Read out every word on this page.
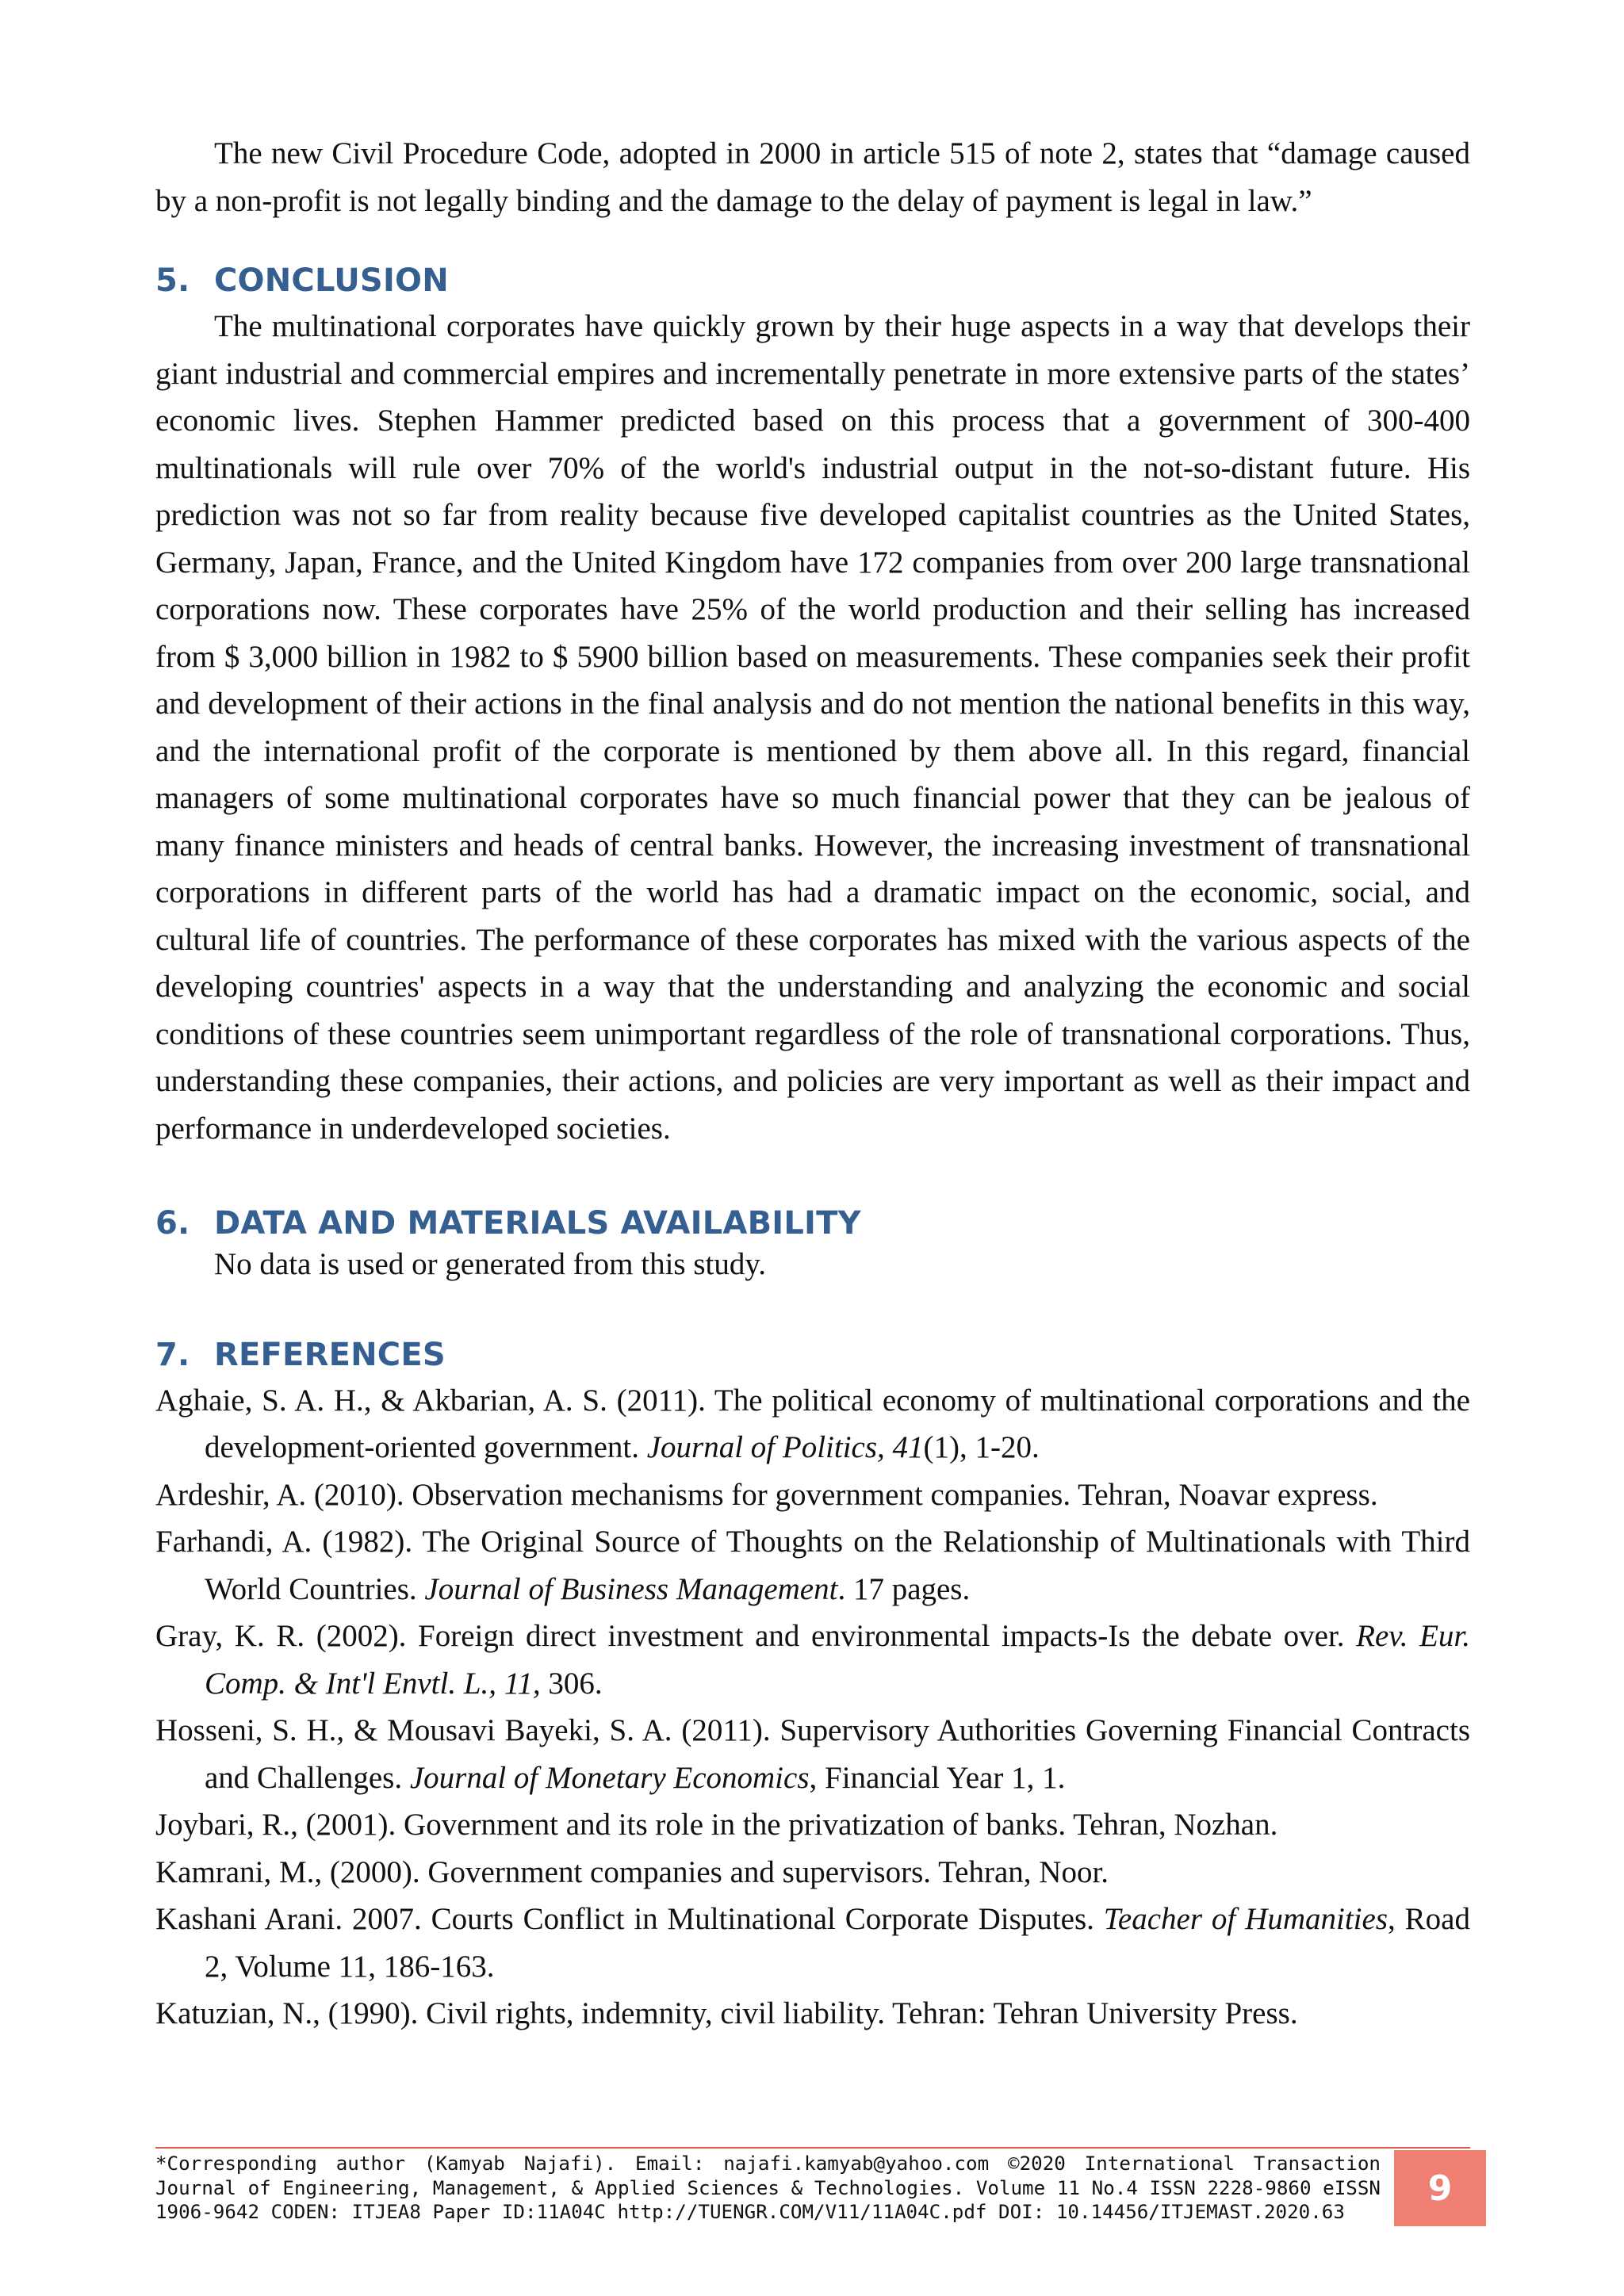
The new Civil Procedure Code, adopted in 2000 in article 515 of note 2, states that “damage caused by a non-profit is not legally binding and the damage to the delay of payment is legal in law.”

5. CONCLUSION

The multinational corporates have quickly grown by their huge aspects in a way that develops their giant industrial and commercial empires and incrementally penetrate in more extensive parts of the states’ economic lives. Stephen Hammer predicted based on this process that a government of 300-400 multinationals will rule over 70% of the world's industrial output in the not-so-distant future. His prediction was not so far from reality because five developed capitalist countries as the United States, Germany, Japan, France, and the United Kingdom have 172 companies from over 200 large transnational corporations now. These corporates have 25% of the world production and their selling has increased from $ 3,000 billion in 1982 to $ 5900 billion based on measurements. These companies seek their profit and development of their actions in the final analysis and do not mention the national benefits in this way, and the international profit of the corporate is mentioned by them above all. In this regard, financial managers of some multinational corporates have so much financial power that they can be jealous of many finance ministers and heads of central banks. However, the increasing investment of transnational corporations in different parts of the world has had a dramatic impact on the economic, social, and cultural life of countries. The performance of these corporates has mixed with the various aspects of the developing countries' aspects in a way that the understanding and analyzing the economic and social conditions of these countries seem unimportant regardless of the role of transnational corporations. Thus, understanding these companies, their actions, and policies are very important as well as their impact and performance in underdeveloped societies.

6. DATA AND MATERIALS AVAILABILITY

No data is used or generated from this study.

7. REFERENCES
Aghaie, S. A. H., & Akbarian, A. S. (2011). The political economy of multinational corporations and the development-oriented government. Journal of Politics, 41(1), 1-20.
Ardeshir, A. (2010). Observation mechanisms for government companies. Tehran, Noavar express.
Farhandi, A. (1982). The Original Source of Thoughts on the Relationship of Multinationals with Third World Countries. Journal of Business Management. 17 pages.
Gray, K. R. (2002). Foreign direct investment and environmental impacts-Is the debate over. Rev. Eur. Comp. & Int'l Envtl. L., 11, 306.
Hosseni, S. H., & Mousavi Bayeki, S. A. (2011). Supervisory Authorities Governing Financial Contracts and Challenges. Journal of Monetary Economics, Financial Year 1, 1.
Joybari, R., (2001). Government and its role in the privatization of banks. Tehran, Nozhan.
Kamrani, M., (2000). Government companies and supervisors. Tehran, Noor.
Kashani Arani. 2007. Courts Conflict in Multinational Corporate Disputes. Teacher of Humanities, Road 2, Volume 11, 186-163.
Katuzian, N., (1990). Civil rights, indemnity, civil liability. Tehran: Tehran University Press.
*Corresponding author (Kamyab Najafi). Email: najafi.kamyab@yahoo.com ©2020 International Transaction Journal of Engineering, Management, & Applied Sciences & Technologies. Volume 11 No.4 ISSN 2228-9860 eISSN 1906-9642 CODEN: ITJEA8 Paper ID:11A04C http://TUENGR.COM/V11/11A04C.pdf DOI: 10.14456/ITJEMAST.2020.63
9
